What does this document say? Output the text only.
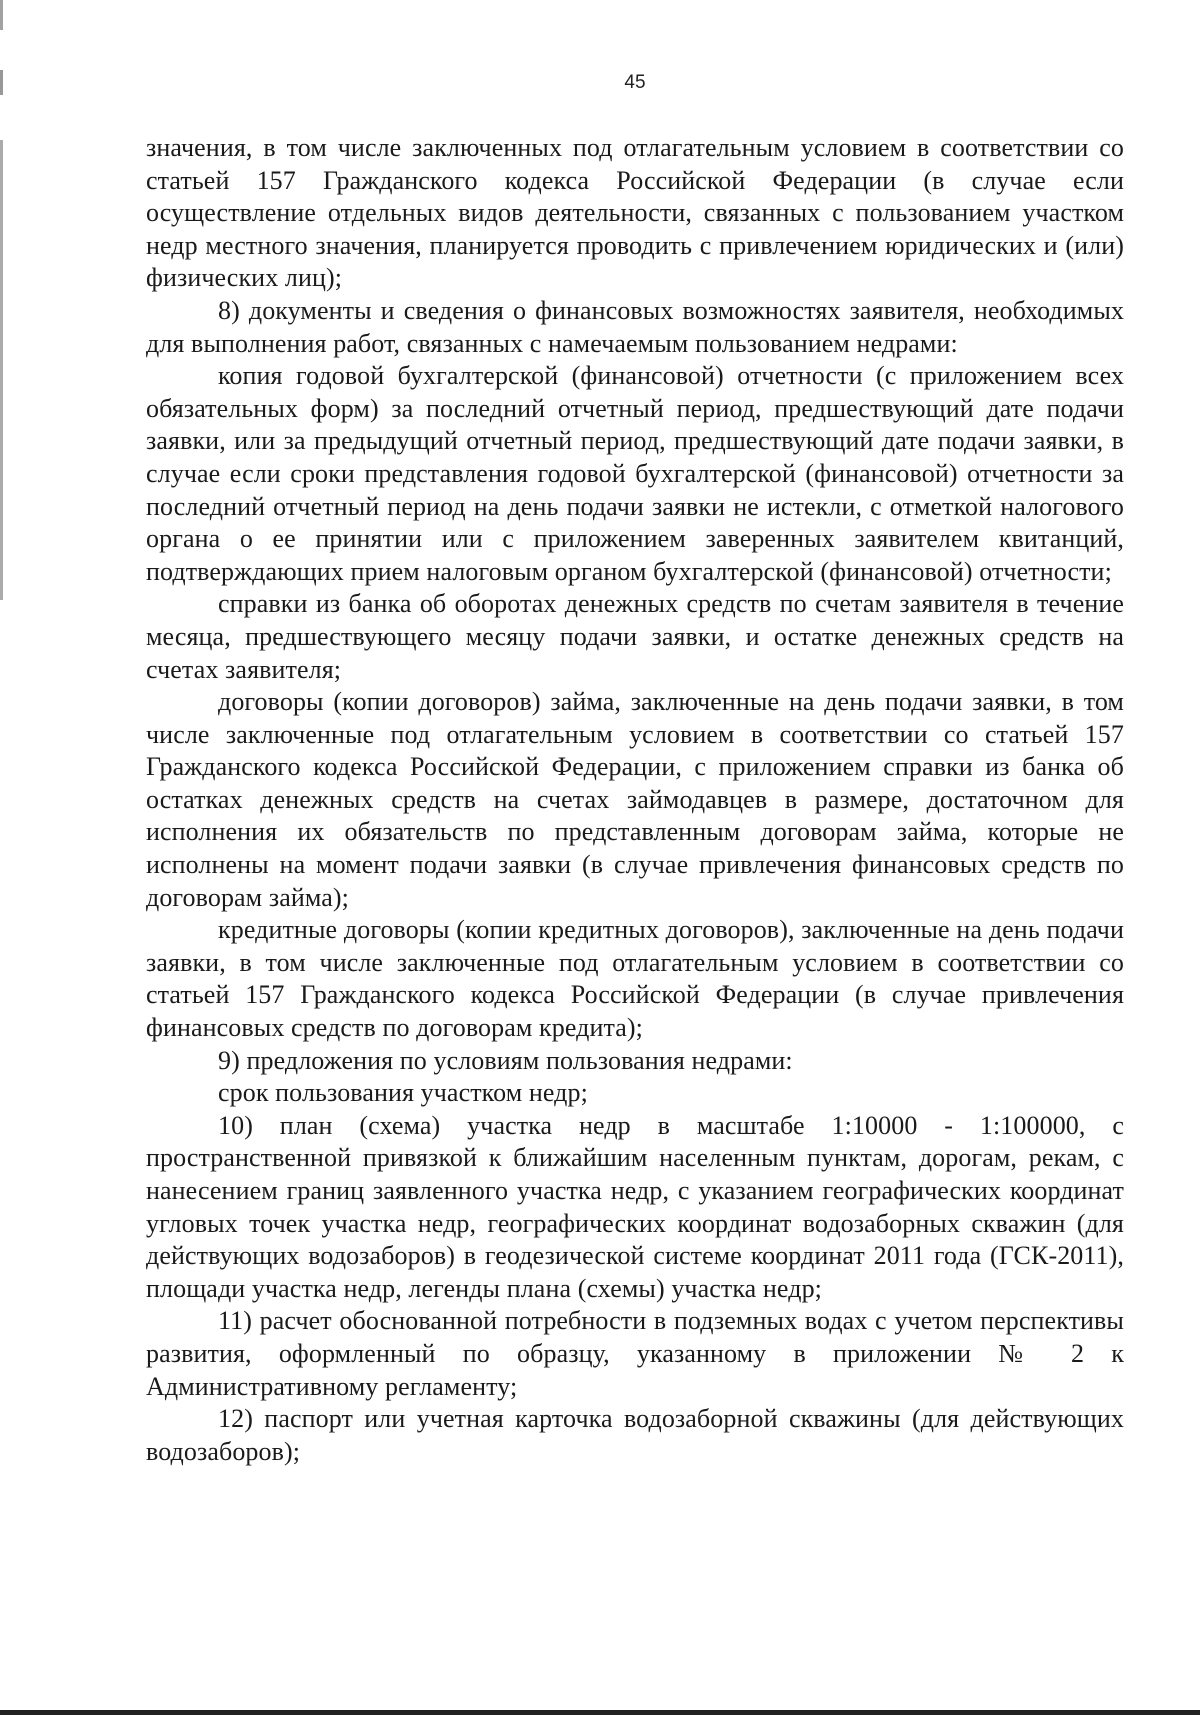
45

значения, в том числе заключенных под отлагательным условием в соответствии со статьей 157 Гражданского кодекса Российской Федерации (в случае если осуществление отдельных видов деятельности, связанных с пользованием участком недр местного значения, планируется проводить с привлечением юридических и (или) физических лиц);

8) документы и сведения о финансовых возможностях заявителя, необходимых для выполнения работ, связанных с намечаемым пользованием недрами:

копия годовой бухгалтерской (финансовой) отчетности (с приложением всех обязательных форм) за последний отчетный период, предшествующий дате подачи заявки, или за предыдущий отчетный период, предшествующий дате подачи заявки, в случае если сроки представления годовой бухгалтерской (финансовой) отчетности за последний отчетный период на день подачи заявки не истекли, с отметкой налогового органа о ее принятии или с приложением заверенных заявителем квитанций, подтверждающих прием налоговым органом бухгалтерской (финансовой) отчетности;

справки из банка об оборотах денежных средств по счетам заявителя в течение месяца, предшествующего месяцу подачи заявки, и остатке денежных средств на счетах заявителя;

договоры (копии договоров) займа, заключенные на день подачи заявки, в том числе заключенные под отлагательным условием в соответствии со статьей 157 Гражданского кодекса Российской Федерации, с приложением справки из банка об остатках денежных средств на счетах займодавцев в размере, достаточном для исполнения их обязательств по представленным договорам займа, которые не исполнены на момент подачи заявки (в случае привлечения финансовых средств по договорам займа);

кредитные договоры (копии кредитных договоров), заключенные на день подачи заявки, в том числе заключенные под отлагательным условием в соответствии со статьей 157 Гражданского кодекса Российской Федерации (в случае привлечения финансовых средств по договорам кредита);

9) предложения по условиям пользования недрами:

срок пользования участком недр;

10) план (схема) участка недр в масштабе 1:10000 - 1:100000, с пространственной привязкой к ближайшим населенным пунктам, дорогам, рекам, с нанесением границ заявленного участка недр, с указанием географических координат угловых точек участка недр, географических координат водозаборных скважин (для действующих водозаборов) в геодезической системе координат 2011 года (ГСК-2011), площади участка недр, легенды плана (схемы) участка недр;

11) расчет обоснованной потребности в подземных водах с учетом перспективы развития, оформленный по образцу, указанному в приложении № 2 к Административному регламенту;

12) паспорт или учетная карточка водозаборной скважины (для действующих водозаборов);
